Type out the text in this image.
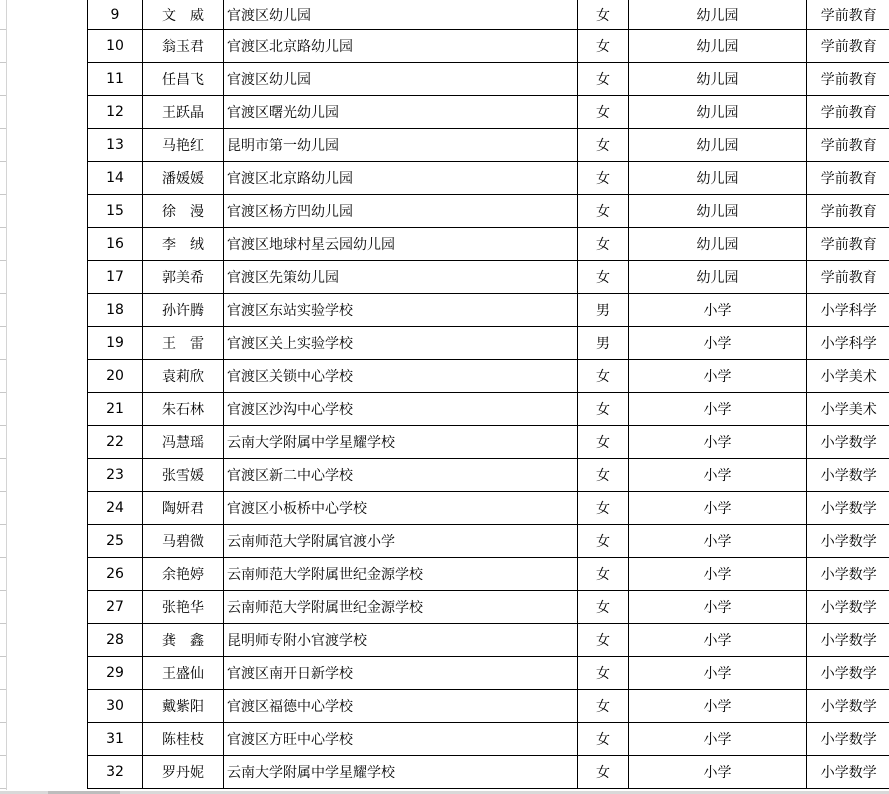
9	文　威	官渡区幼儿园	女	幼儿园	学前教育
10	翁玉君	官渡区北京路幼儿园	女	幼儿园	学前教育
11	任昌飞	官渡区幼儿园	女	幼儿园	学前教育
12	王跃晶	官渡区曙光幼儿园	女	幼儿园	学前教育
13	马艳红	昆明市第一幼儿园	女	幼儿园	学前教育
14	潘媛媛	官渡区北京路幼儿园	女	幼儿园	学前教育
15	徐　漫	官渡区杨方凹幼儿园	女	幼儿园	学前教育
16	李　绒	官渡区地球村星云园幼儿园	女	幼儿园	学前教育
17	郭美希	官渡区先策幼儿园	女	幼儿园	学前教育
18	孙许腾	官渡区东站实验学校	男	小学	小学科学
19	王　雷	官渡区关上实验学校	男	小学	小学科学
20	袁莉欣	官渡区关锁中心学校	女	小学	小学美术
21	朱石林	官渡区沙沟中心学校	女	小学	小学美术
22	冯慧瑶	云南大学附属中学星耀学校	女	小学	小学数学
23	张雪媛	官渡区新二中心学校	女	小学	小学数学
24	陶妍君	官渡区小板桥中心学校	女	小学	小学数学
25	马碧微	云南师范大学附属官渡小学	女	小学	小学数学
26	余艳婷	云南师范大学附属世纪金源学校	女	小学	小学数学
27	张艳华	云南师范大学附属世纪金源学校	女	小学	小学数学
28	龚　鑫	昆明师专附小官渡学校	女	小学	小学数学
29	王盛仙	官渡区南开日新学校	女	小学	小学数学
30	戴紫阳	官渡区福德中心学校	女	小学	小学数学
31	陈桂枝	官渡区方旺中心学校	女	小学	小学数学
32	罗丹妮	云南大学附属中学星耀学校	女	小学	小学数学
